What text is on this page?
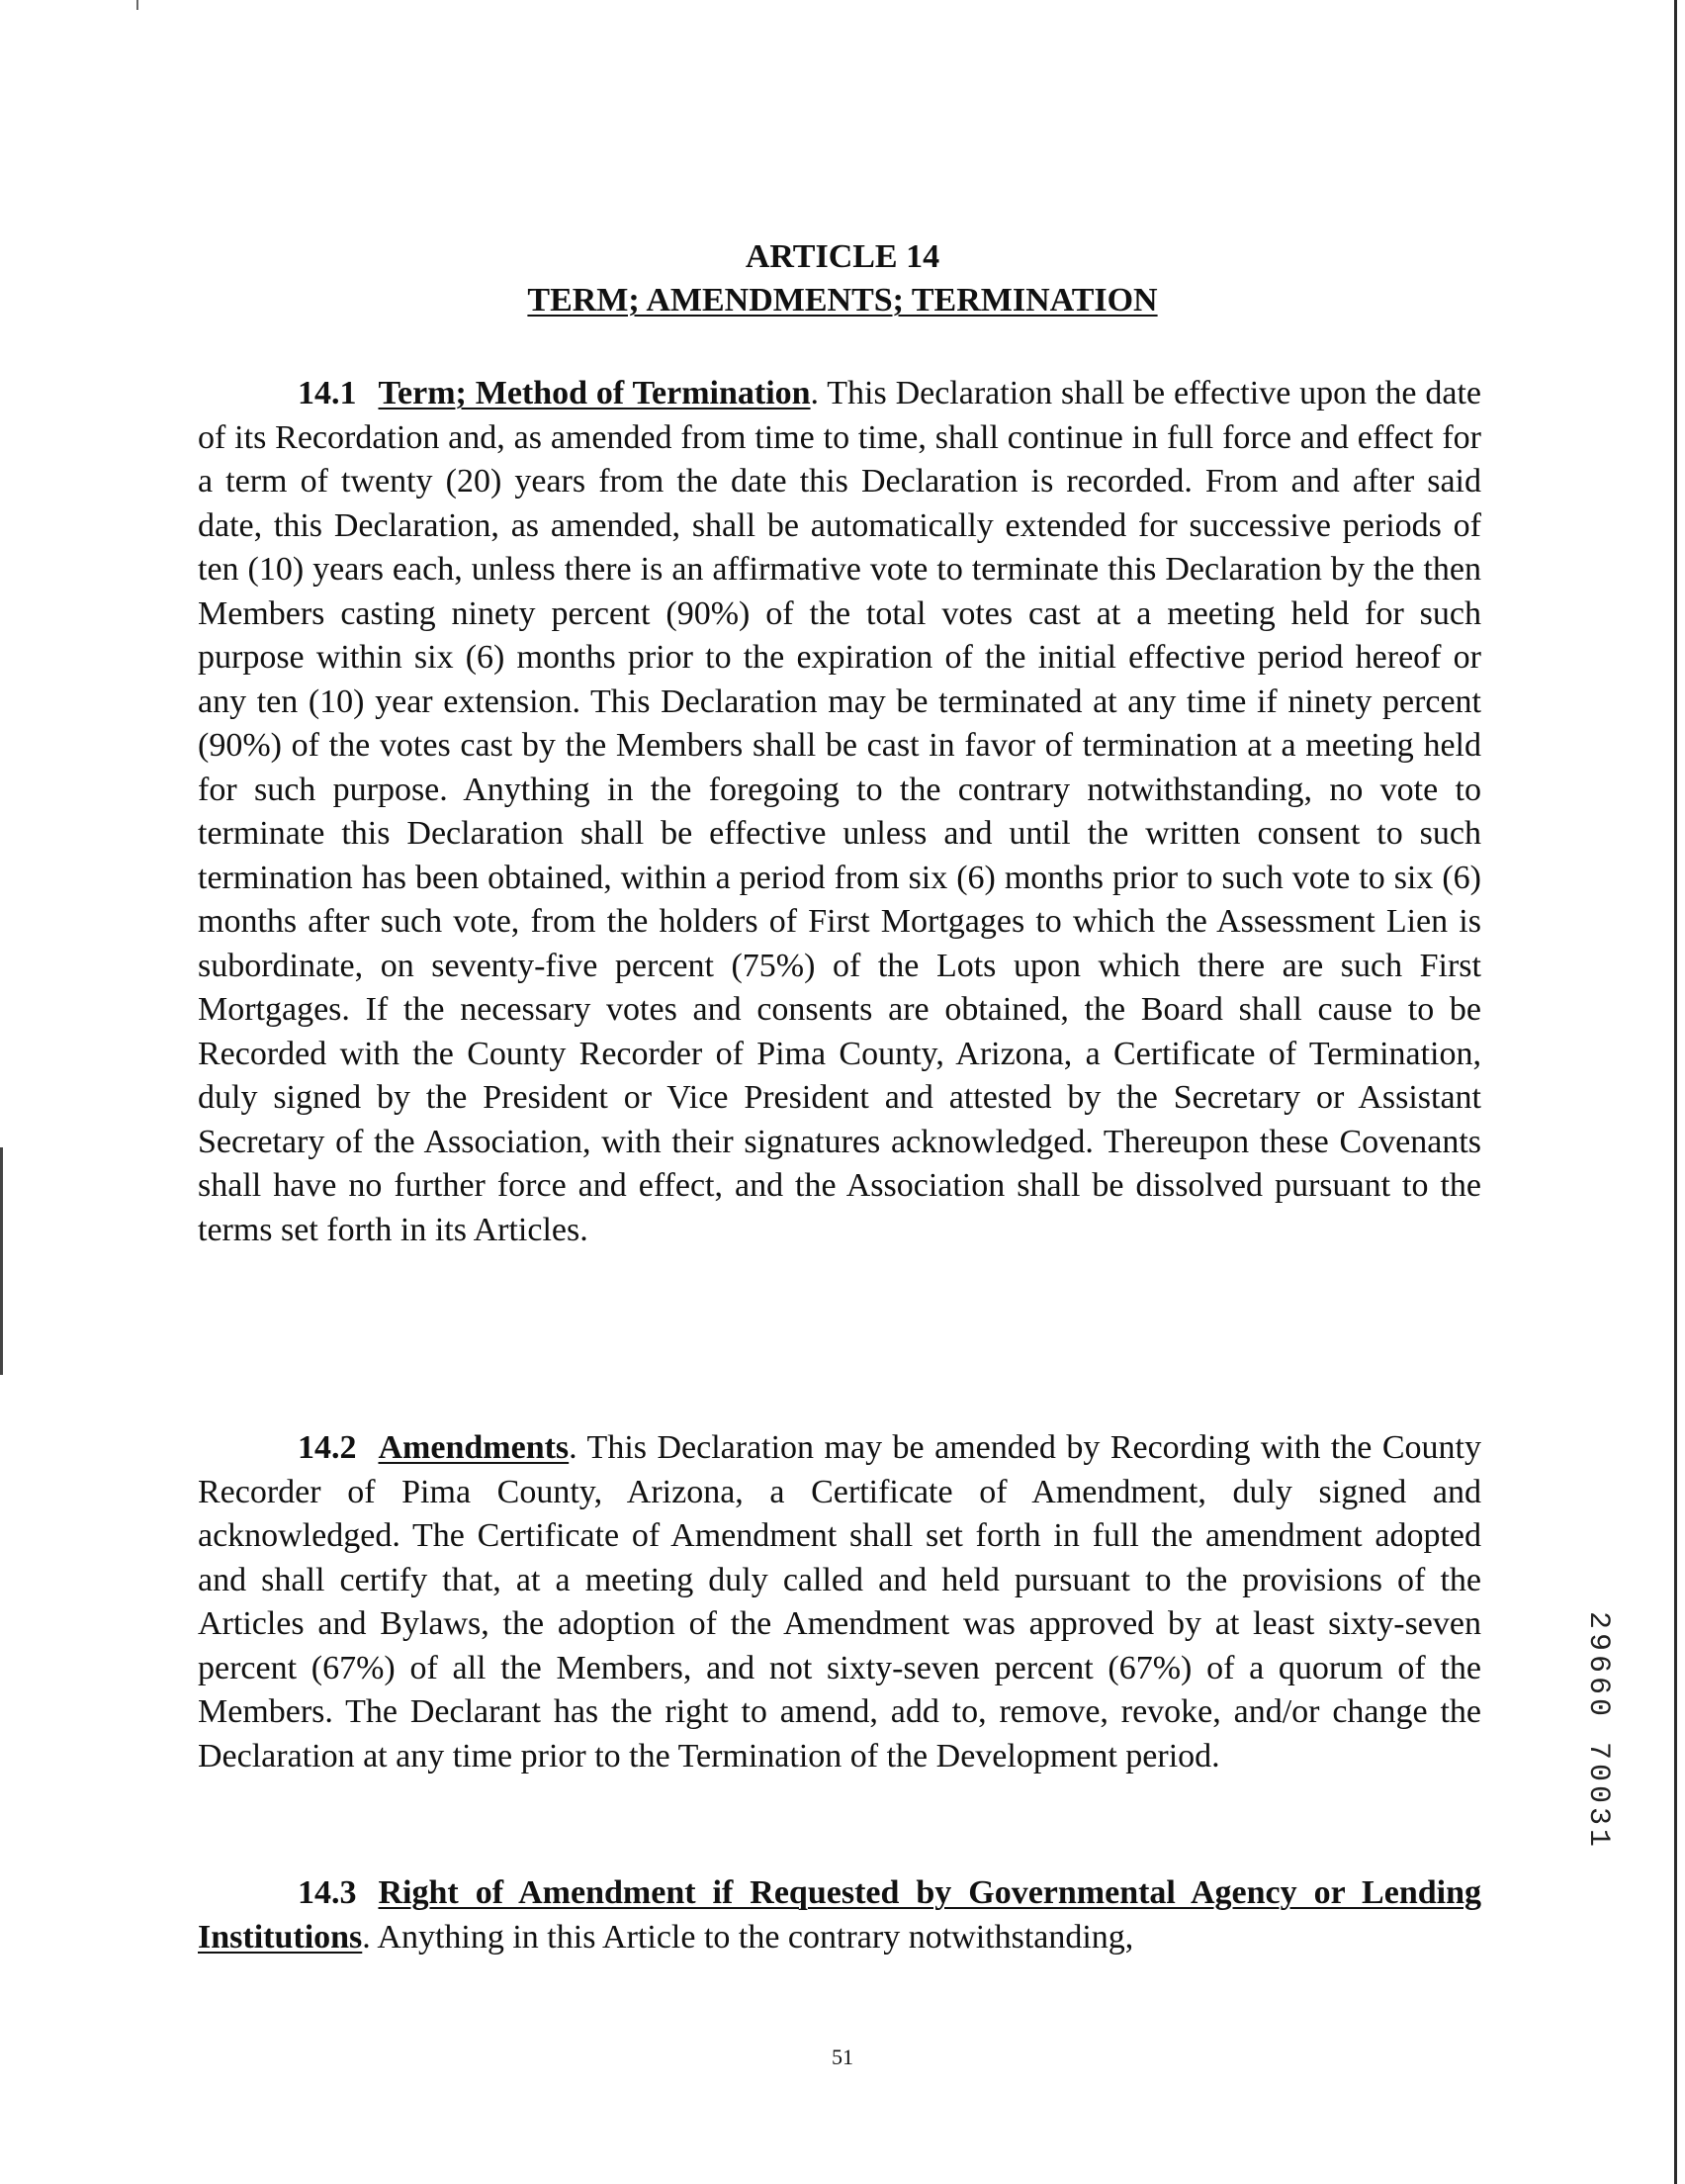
ARTICLE 14
TERM; AMENDMENTS; TERMINATION
14.1 Term; Method of Termination. This Declaration shall be effective upon the date of its Recordation and, as amended from time to time, shall continue in full force and effect for a term of twenty (20) years from the date this Declaration is recorded. From and after said date, this Declaration, as amended, shall be automatically extended for successive periods of ten (10) years each, unless there is an affirmative vote to terminate this Declaration by the then Members casting ninety percent (90%) of the total votes cast at a meeting held for such purpose within six (6) months prior to the expiration of the initial effective period hereof or any ten (10) year extension. This Declaration may be terminated at any time if ninety percent (90%) of the votes cast by the Members shall be cast in favor of termination at a meeting held for such purpose. Anything in the foregoing to the contrary notwithstanding, no vote to terminate this Declaration shall be effective unless and until the written consent to such termination has been obtained, within a period from six (6) months prior to such vote to six (6) months after such vote, from the holders of First Mortgages to which the Assessment Lien is subordinate, on seventy-five percent (75%) of the Lots upon which there are such First Mortgages. If the necessary votes and consents are obtained, the Board shall cause to be Recorded with the County Recorder of Pima County, Arizona, a Certificate of Termination, duly signed by the President or Vice President and attested by the Secretary or Assistant Secretary of the Association, with their signatures acknowledged. Thereupon these Covenants shall have no further force and effect, and the Association shall be dissolved pursuant to the terms set forth in its Articles.
14.2 Amendments. This Declaration may be amended by Recording with the County Recorder of Pima County, Arizona, a Certificate of Amendment, duly signed and acknowledged. The Certificate of Amendment shall set forth in full the amendment adopted and shall certify that, at a meeting duly called and held pursuant to the provisions of the Articles and Bylaws, the adoption of the Amendment was approved by at least sixty-seven percent (67%) of all the Members, and not sixty-seven percent (67%) of a quorum of the Members. The Declarant has the right to amend, add to, remove, revoke, and/or change the Declaration at any time prior to the Termination of the Development period.
14.3 Right of Amendment if Requested by Governmental Agency or Lending Institutions. Anything in this Article to the contrary notwithstanding,
29660 70031
51
